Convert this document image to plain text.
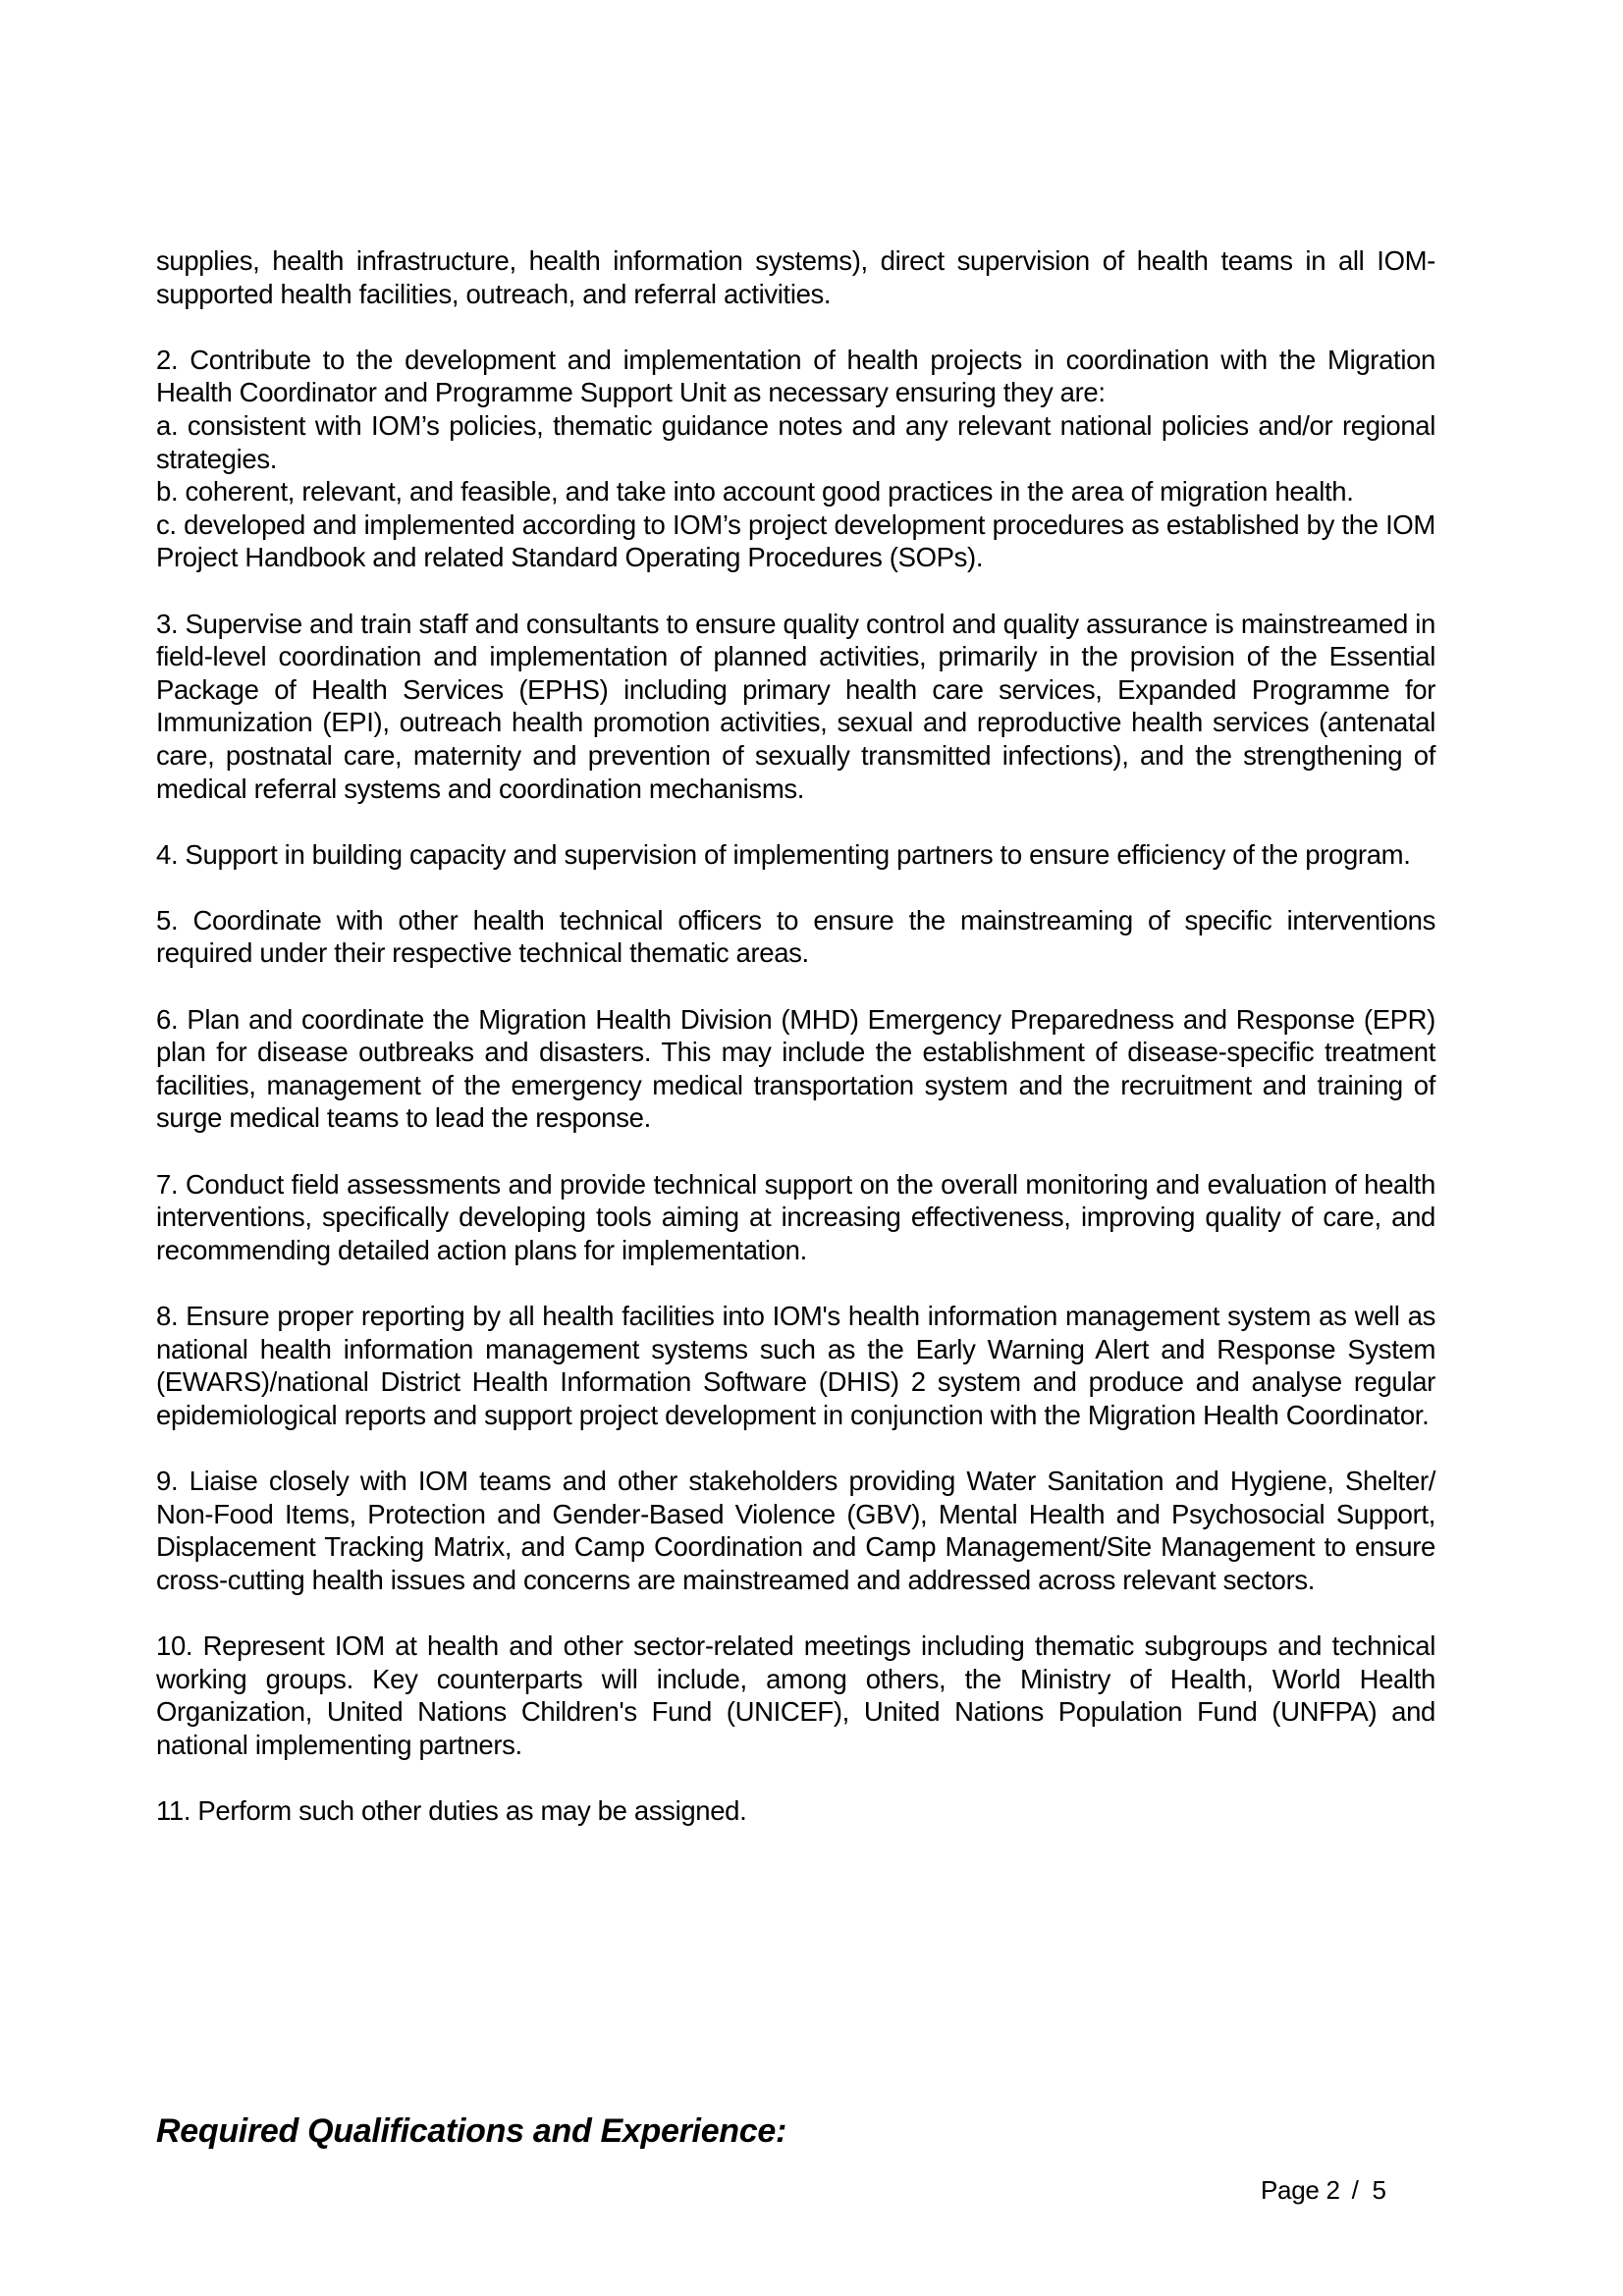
supplies, health infrastructure, health information systems), direct supervision of health teams in all IOM-supported health facilities, outreach, and referral activities.

2. Contribute to the development and implementation of health projects in coordination with the Migration Health Coordinator and Programme Support Unit as necessary ensuring they are:

a. consistent with IOM’s policies, thematic guidance notes and any relevant national policies and/or regional strategies.

b. coherent, relevant, and feasible, and take into account good practices in the area of migration health.

c. developed and implemented according to IOM’s project development procedures as established by the IOM Project Handbook and related Standard Operating Procedures (SOPs).

3. Supervise and train staff and consultants to ensure quality control and quality assurance is mainstreamed in field-level coordination and implementation of planned activities, primarily in the provision of the Essential Package of Health Services (EPHS) including primary health care services, Expanded Programme for Immunization (EPI), outreach health promotion activities, sexual and reproductive health services (antenatal care, postnatal care, maternity and prevention of sexually transmitted infections), and the strengthening of medical referral systems and coordination mechanisms.

4. Support in building capacity and supervision of implementing partners to ensure efficiency of the program.

5. Coordinate with other health technical officers to ensure the mainstreaming of specific interventions required under their respective technical thematic areas.

6. Plan and coordinate the Migration Health Division (MHD) Emergency Preparedness and Response (EPR) plan for disease outbreaks and disasters. This may include the establishment of disease-specific treatment facilities, management of the emergency medical transportation system and the recruitment and training of surge medical teams to lead the response.

7. Conduct field assessments and provide technical support on the overall monitoring and evaluation of health interventions, specifically developing tools aiming at increasing effectiveness, improving quality of care, and recommending detailed action plans for implementation.

8. Ensure proper reporting by all health facilities into IOM's health information management system as well as national health information management systems such as the Early Warning Alert and Response System (EWARS)/national District Health Information Software (DHIS) 2 system and produce and analyse regular epidemiological reports and support project development in conjunction with the Migration Health Coordinator.

9. Liaise closely with IOM teams and other stakeholders providing Water Sanitation and Hygiene, Shelter/ Non-Food Items, Protection and Gender-Based Violence (GBV), Mental Health and Psychosocial Support, Displacement Tracking Matrix, and Camp Coordination and Camp Management/Site Management to ensure cross-cutting health issues and concerns are mainstreamed and addressed across relevant sectors.

10. Represent IOM at health and other sector-related meetings including thematic subgroups and technical working groups. Key counterparts will include, among others, the Ministry of Health, World Health Organization, United Nations Children's Fund (UNICEF), United Nations Population Fund (UNFPA) and national implementing partners.

11. Perform such other duties as may be assigned.

Required Qualifications and Experience:
Page 2 / 5
